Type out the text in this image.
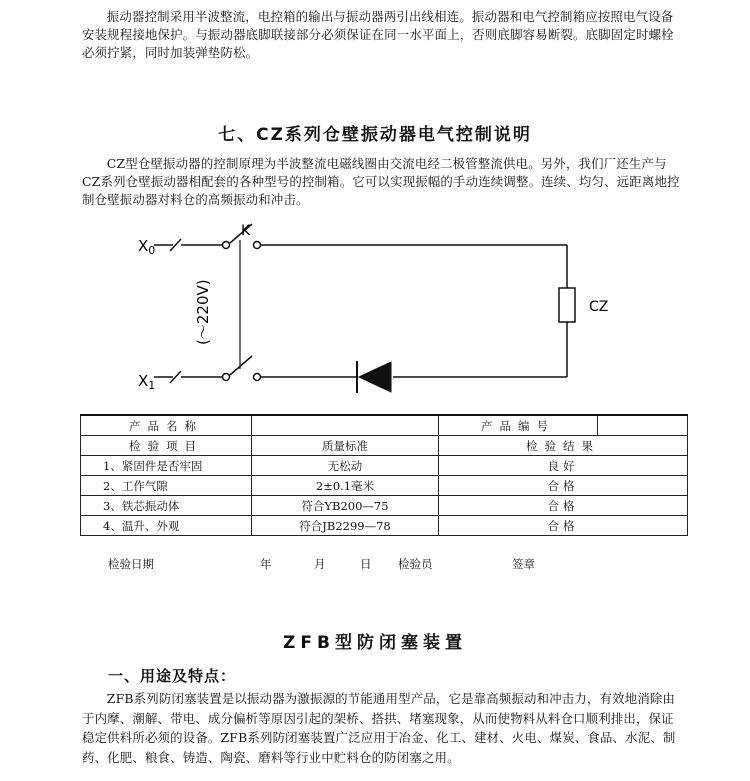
振动器控制采用半波整流，电控箱的输出与振动器两引出线相连。振动器和电气控制箱应按照电气设备安装规程接地保护。与振动器底脚联接部分必须保证在同一水平面上，否则底脚容易断裂。底脚固定时螺栓必须拧紧，同时加装弹垫防松。

七、CZ系列仓壁振动器电气控制说明

CZ型仓壁振动器的控制原理为半波整流电磁线圈由交流电经二极管整流供电。另外，我们厂还生产与CZ系列仓壁振动器相配套的各种型号的控制箱。它可以实现振幅的手动连续调整。连续、均匀、远距离地控制仓壁振动器对料仓的高频振动和冲击。

$X_0$
$X_1$
K
CZ
(～220V)
产品名称		产品编号	
检验项目	质量标准	检验结果	
1、紧固件是否牢固	无松动	良好	
2、工作气隙	2±0.1毫米	合格	
3、铁芯振动体	符合YB200—75	合格	
4、温升、外观	符合JB2299—78	合格	
检验日期	年	月	日 检验员	签章
ZFB型防闭塞装置
一、用途及特点：

ZFB系列防闭塞装置是以振动器为激振源的节能通用型产品，它是靠高频振动和冲击力，有效地消除由于内摩、潮解、带电、成分偏析等原因引起的架桥、搭拱、堵塞现象，从而使物料从料仓口顺利排出，保证稳定供料所必须的设备。ZFB系列防闭塞装置广泛应用于冶金、化工、建材、火电、煤炭、食品、水泥、制药、化肥、粮食、铸造、陶瓷、磨料等行业中贮料仓的防闭塞之用。
